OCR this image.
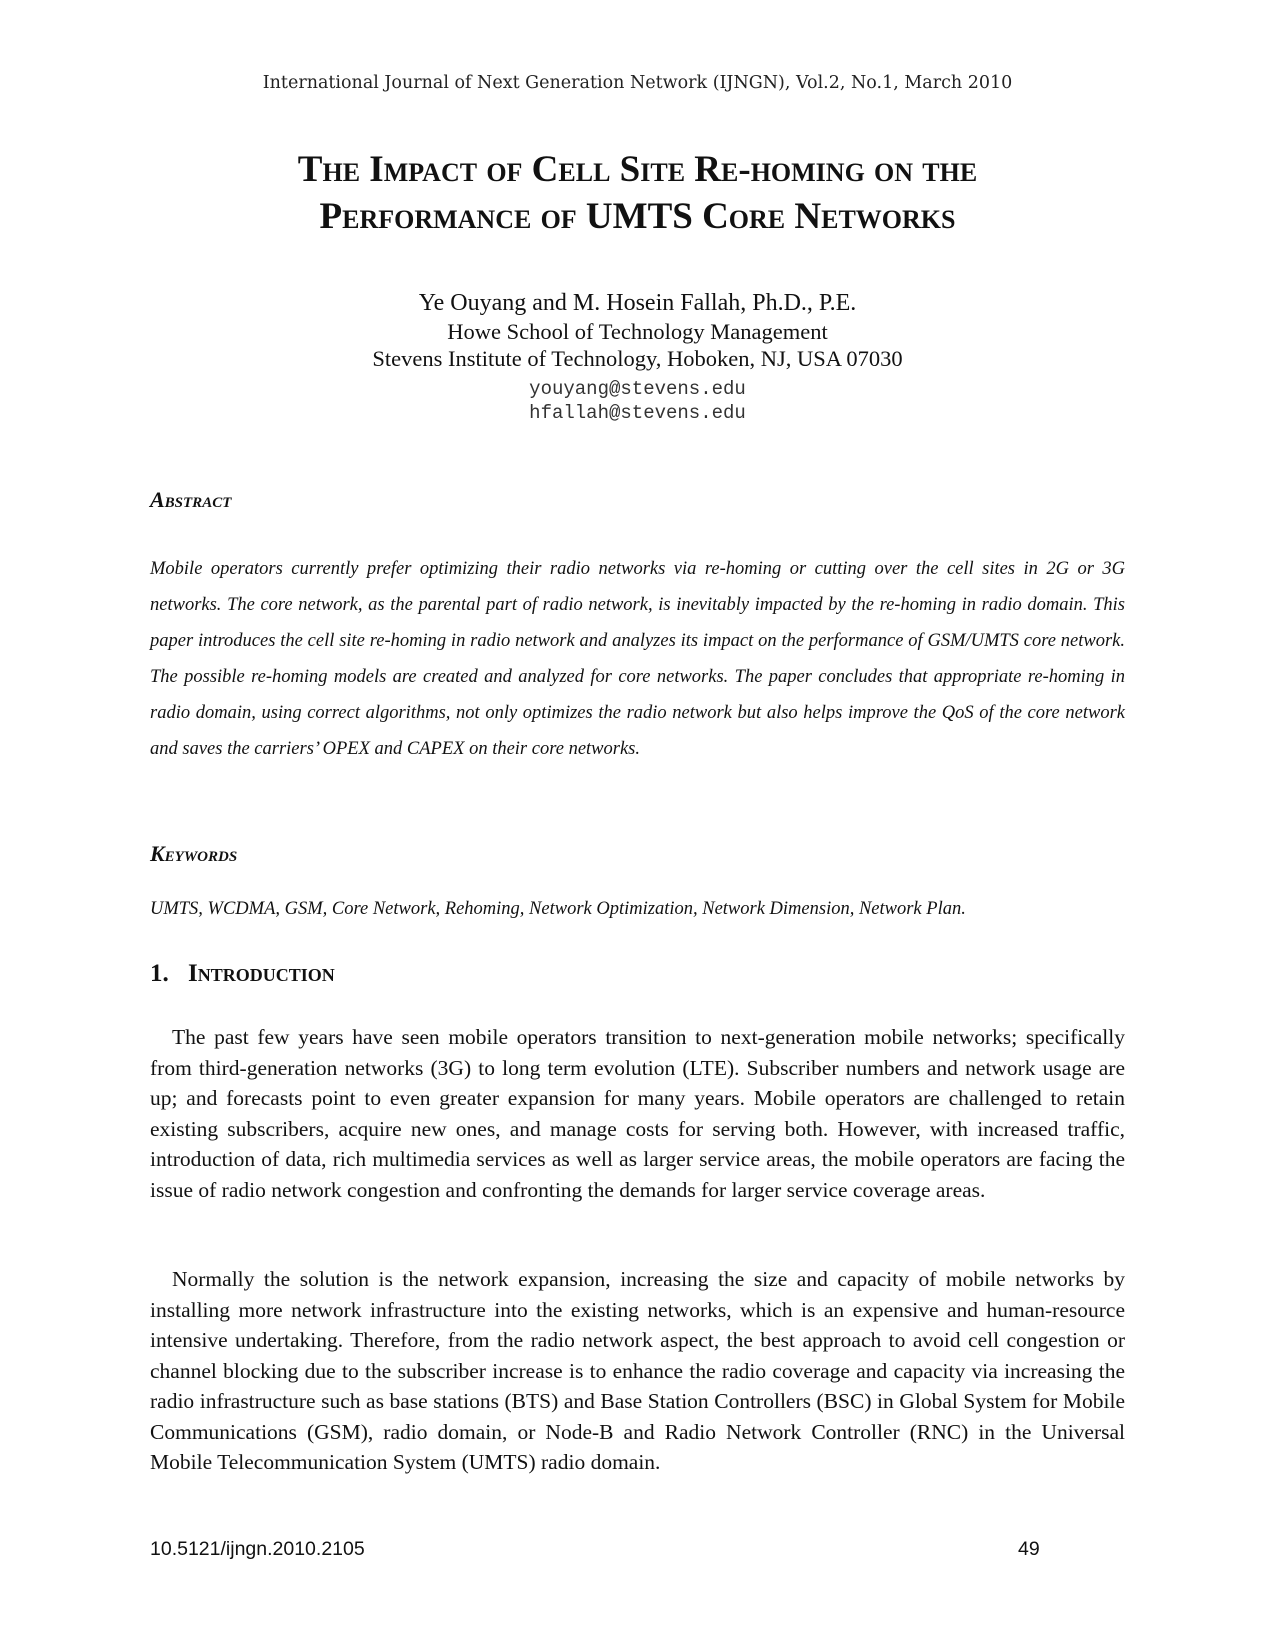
International Journal of Next Generation Network (IJNGN), Vol.2, No.1, March 2010
The Impact of Cell Site Re-homing on the
Performance of UMTS Core Networks
Ye Ouyang and M. Hosein Fallah, Ph.D., P.E.
Howe School of Technology Management
Stevens Institute of Technology, Hoboken, NJ, USA 07030
youyang@stevens.edu
hfallah@stevens.edu
Abstract

Mobile operators currently prefer optimizing their radio networks via re-homing or cutting over the cell sites in 2G or 3G networks. The core network, as the parental part of radio network, is inevitably impacted by the re-homing in radio domain. This paper introduces the cell site re-homing in radio network and analyzes its impact on the performance of GSM/UMTS core network. The possible re-homing models are created and analyzed for core networks. The paper concludes that appropriate re-homing in radio domain, using correct algorithms, not only optimizes the radio network but also helps improve the QoS of the core network and saves the carriers’ OPEX and CAPEX on their core networks.

Keywords

UMTS, WCDMA, GSM, Core Network, Rehoming, Network Optimization, Network Dimension, Network Plan.

1. Introduction

The past few years have seen mobile operators transition to next-generation mobile networks; specifically from third-generation networks (3G) to long term evolution (LTE). Subscriber numbers and network usage are up; and forecasts point to even greater expansion for many years. Mobile operators are challenged to retain existing subscribers, acquire new ones, and manage costs for serving both. However, with increased traffic, introduction of data, rich multimedia services as well as larger service areas, the mobile operators are facing the issue of radio network congestion and confronting the demands for larger service coverage areas.

Normally the solution is the network expansion, increasing the size and capacity of mobile networks by installing more network infrastructure into the existing networks, which is an expensive and human-resource intensive undertaking. Therefore, from the radio network aspect, the best approach to avoid cell congestion or channel blocking due to the subscriber increase is to enhance the radio coverage and capacity via increasing the radio infrastructure such as base stations (BTS) and Base Station Controllers (BSC) in Global System for Mobile Communications (GSM), radio domain, or Node-B and Radio Network Controller (RNC) in the Universal Mobile Telecommunication System (UMTS) radio domain.

10.5121/ijngn.2010.2105	49
